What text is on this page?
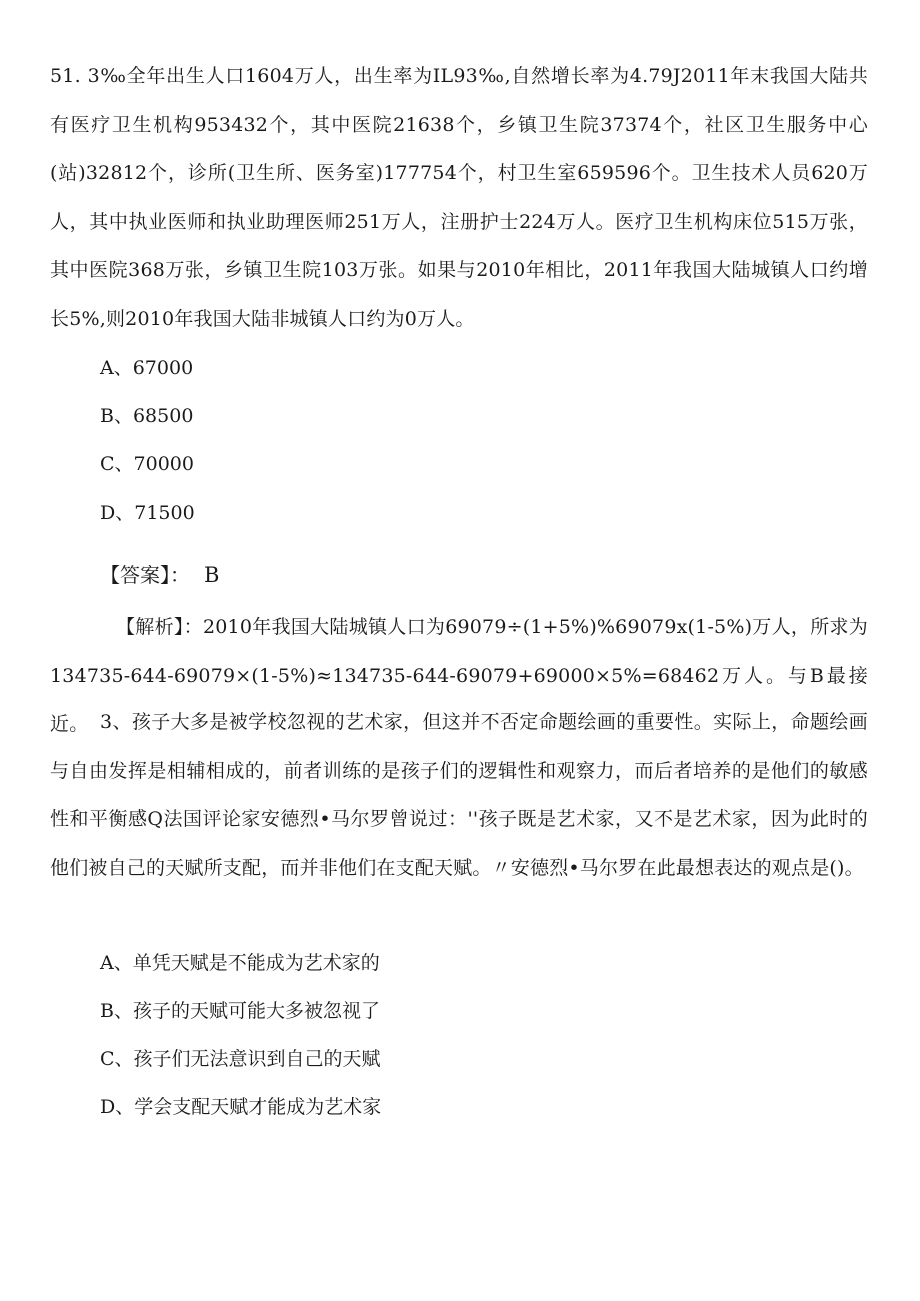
51. 3‰全年出生人口1604万人，出生率为IL93‰,自然增长率为4.79J2011年末我国大陆共有医疗卫生机构953432个，其中医院21638个，乡镇卫生院37374个，社区卫生服务中心(站)32812个，诊所(卫生所、医务室)177754个，村卫生室659596个。卫生技术人员620万人，其中执业医师和执业助理医师251万人，注册护士224万人。医疗卫生机构床位515万张，其中医院368万张，乡镇卫生院103万张。如果与2010年相比，2011年我国大陆城镇人口约增长5%,则2010年我国大陆非城镇人口约为0万人。

A、67000

B、68500

C、70000

D、71500

【答案】： B

【解析】：2010年我国大陆城镇人口为69079÷(1+5%)%69079x(1-5%)万人，所求为134735-644-69079×(1-5%)≈134735-644-69079+69000×5%=68462万人。与B最接近。 3、孩子大多是被学校忽视的艺术家，但这并不否定命题绘画的重要性。实际上，命题绘画与自由发挥是相辅相成的，前者训练的是孩子们的逻辑性和观察力，而后者培养的是他们的敏感性和平衡感Q法国评论家安德烈•马尔罗曾说过：''孩子既是艺术家，又不是艺术家，因为此时的他们被自己的天赋所支配，而并非他们在支配天赋。〃安德烈•马尔罗在此最想表达的观点是()。

A、单凭天赋是不能成为艺术家的

B、孩子的天赋可能大多被忽视了

C、孩子们无法意识到自己的天赋

D、学会支配天赋才能成为艺术家
